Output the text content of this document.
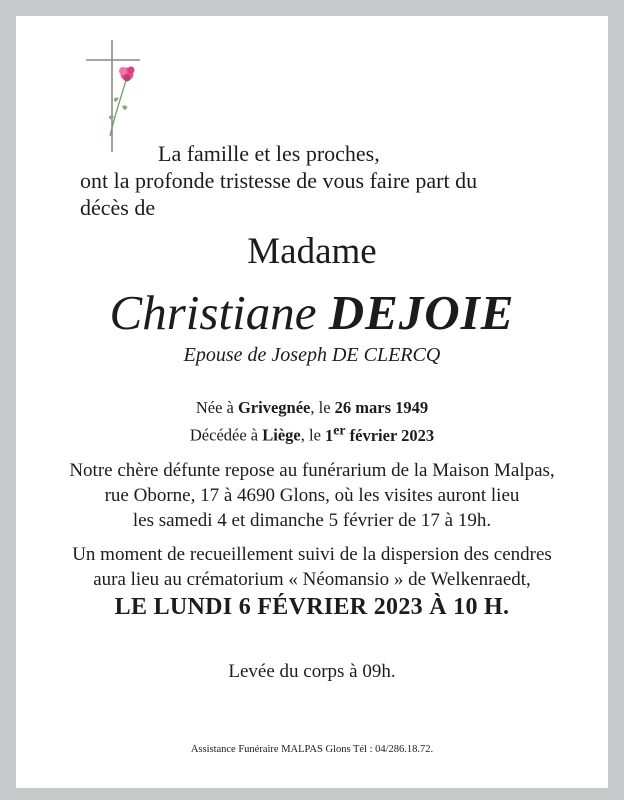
La famille et les proches,
ont la profonde tristesse de vous faire part du
décès de
Madame
Christiane DEJOIE
Epouse de Joseph DE CLERCQ
Née à Grivegnée, le 26 mars 1949
Décédée à Liège, le 1er février 2023
Notre chère défunte repose au funérarium de la Maison Malpas,
rue Oborne, 17 à 4690 Glons, où les visites auront lieu
les samedi 4 et dimanche 5 février de 17 à 19h.
Un moment de recueillement suivi de la dispersion des cendres
aura lieu au crématorium « Néomansio » de Welkenraedt,
LE LUNDI 6 FÉVRIER 2023 À 10 H.
Levée du corps à 09h.
Assistance Funéraire MALPAS Glons Tél : 04/286.18.72.
